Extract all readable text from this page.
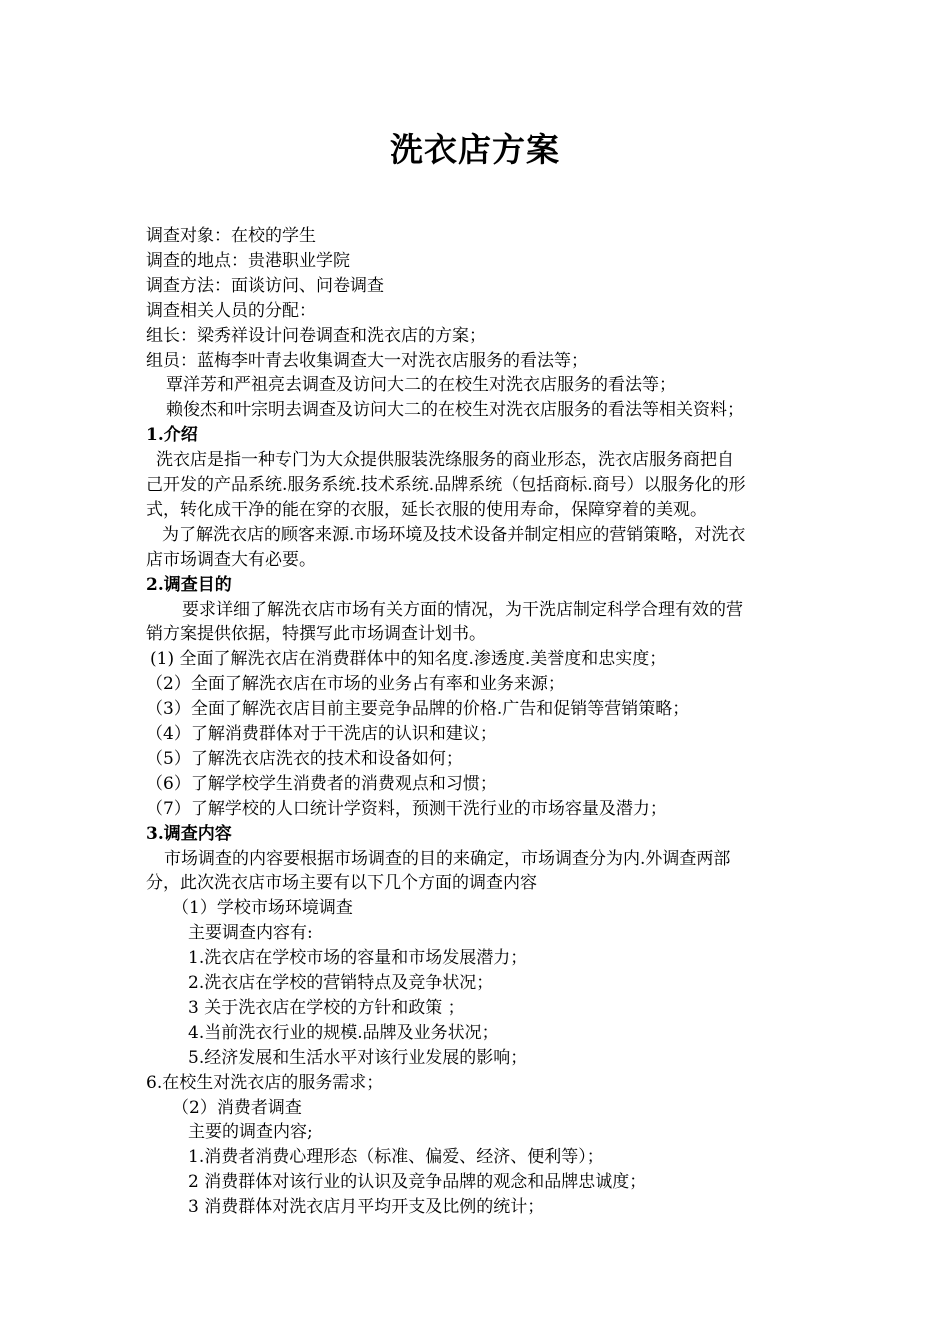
洗衣店方案
调查对象：在校的学生
调查的地点：贵港职业学院
调查方法：面谈访问、问卷调查
调查相关人员的分配：
组长：梁秀祥设计问卷调查和洗衣店的方案；
组员：蓝梅李叶青去收集调查大一对洗衣店服务的看法等；
覃洋芳和严祖亮去调查及访问大二的在校生对洗衣店服务的看法等；
赖俊杰和叶宗明去调查及访问大二的在校生对洗衣店服务的看法等相关资料；
1.介绍
洗衣店是指一种专门为大众提供服装洗绦服务的商业形态，洗衣店服务商把自
己开发的产品系统.服务系统.技术系统.品牌系统（包括商标.商号）以服务化的形
式，转化成干净的能在穿的衣服，延长衣服的使用寿命，保障穿着的美观。
为了解洗衣店的顾客来源.市场环境及技术设备并制定相应的营销策略，对洗衣
店市场调查大有必要。
2.调查目的
要求详细了解洗衣店市场有关方面的情况，为干洗店制定科学合理有效的营
销方案提供依据，特撰写此市场调查计划书。
(1) 全面了解洗衣店在消费群体中的知名度.渗透度.美誉度和忠实度；
（2）全面了解洗衣店在市场的业务占有率和业务来源；
（3）全面了解洗衣店目前主要竞争品牌的价格.广告和促销等营销策略；
（4）了解消费群体对于干洗店的认识和建议；
（5）了解洗衣店洗衣的技术和设备如何；
（6）了解学校学生消费者的消费观点和习惯；
（7）了解学校的人口统计学资料，预测干洗行业的市场容量及潜力；
3.调查内容
市场调查的内容要根据市场调查的目的来确定，市场调查分为内.外调查两部
分，此次洗衣店市场主要有以下几个方面的调查内容
（1）学校市场环境调查
主要调查内容有:
1.洗衣店在学校市场的容量和市场发展潜力；
2.洗衣店在学校的营销特点及竞争状况；
3 关于洗衣店在学校的方针和政策 ；
4.当前洗衣行业的规模.品牌及业务状况；
5.经济发展和生活水平对该行业发展的影响；
6.在校生对洗衣店的服务需求；
（2）消费者调查
主要的调查内容;
1.消费者消费心理形态（标准、偏爱、经济、便利等）；
2 消费群体对该行业的认识及竞争品牌的观念和品牌忠诚度；
3 消费群体对洗衣店月平均开支及比例的统计；
